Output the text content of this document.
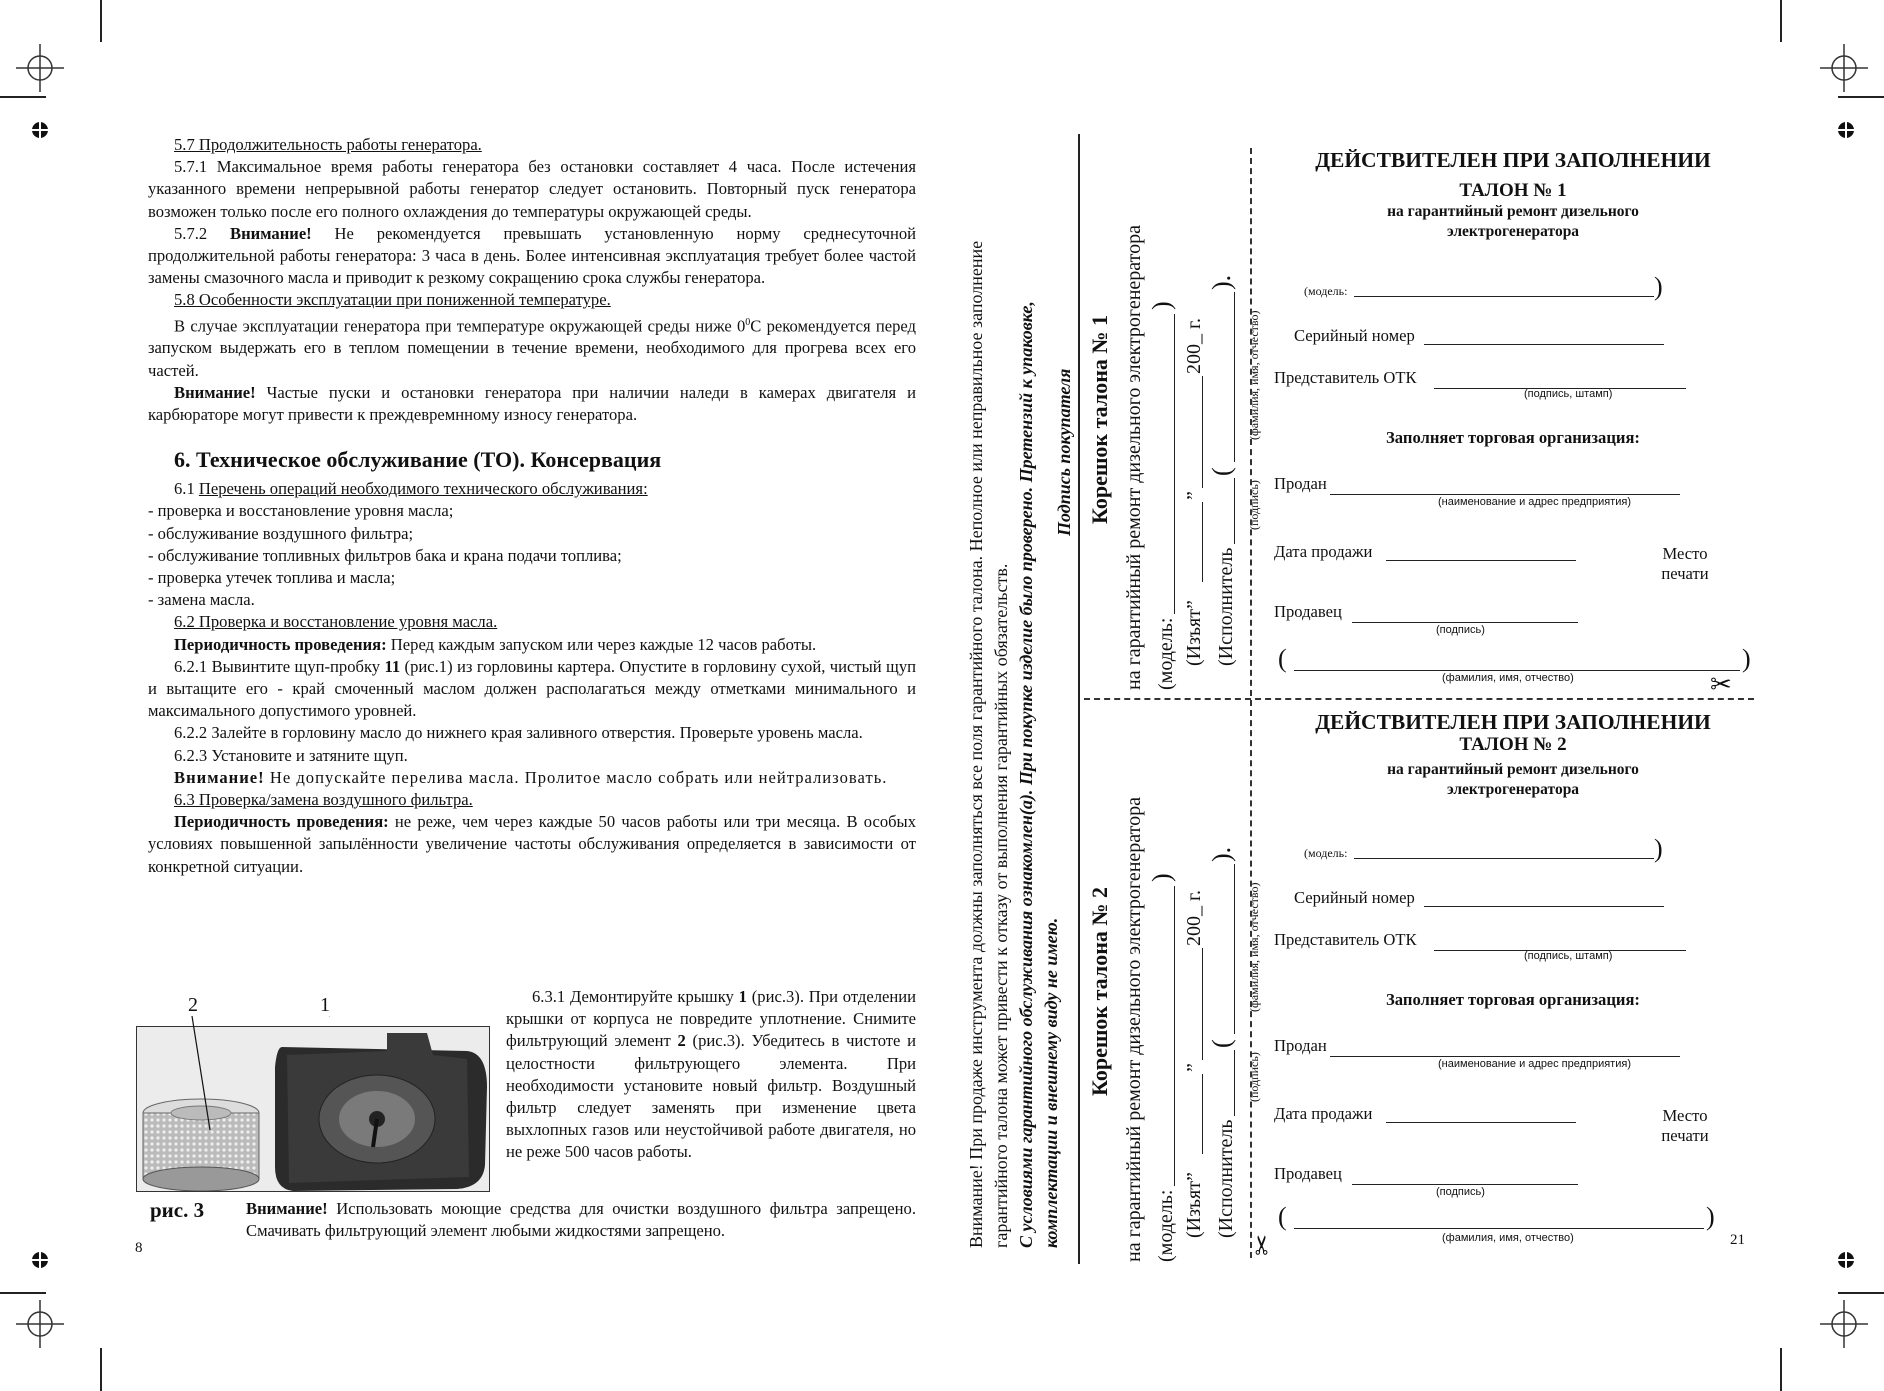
5.7 Продолжительность работы генератора.

5.7.1 Максимальное время работы генератора без остановки составляет 4 часа. После истечения указанного времени непрерывной работы генератор следует остановить. Повторный пуск генератора возможен только после его полного охлаждения до температуры окружающей среды.

5.7.2 Внимание! Не рекомендуется превышать установленную норму среднесуточной продолжительной работы генератора: 3 часа в день. Более интенсивная эксплуатация требует более частой замены смазочного масла и приводит к резкому сокращению срока службы генератора.

5.8 Особенности эксплуатации при пониженной температуре.

В случае эксплуатации генератора при температуре окружающей среды ниже $0^0С$ рекомендуется перед запуском выдержать его в теплом помещении в течение времени, необходимого для прогрева всех его частей.

Внимание! Частые пуски и остановки генератора при наличии наледи в камерах двигателя и карбюраторе могут привести к преждевремнному износу генератора.

6. Техническое обслуживание (ТО). Консервация

6.1 Перечень операций необходимого технического обслуживания:

- проверка и восстановление уровня масла;

- обслуживание воздушного фильтра;

- обслуживание топливных фильтров бака и крана подачи топлива;

- проверка утечек топлива и масла;

- замена масла.

6.2 Проверка и восстановление уровня масла.

Периодичность проведения: Перед каждым запуском или через каждые 12 часов работы.

6.2.1 Вывинтите щуп-пробку 11 (рис.1) из горловины картера. Опустите в горловину сухой, чистый щуп и вытащите его - край смоченный маслом должен располагаться между отметками минимального и максимального допустимого уровней.

6.2.2 Залейте в горловину масло до нижнего края заливного отверстия. Проверьте уровень масла.

6.2.3 Установите и затяните щуп.

Внимание! Не допускайте перелива масла. Пролитое масло собрать или нейтрализовать.

6.3 Проверка/замена воздушного фильтра.

Периодичность проведения: не реже, чем через каждые 50 часов работы или три месяца. В особых условиях повышенной запылённости увеличение частоты обслуживания определяется в зависимости от конкретной ситуации.

2	1
рис. 3

6.3.1 Демонтируйте крышку 1 (рис.3). При отделении крышки от корпуса не повредите уплотнение. Снимите фильтрующий элемент 2 (рис.3). Убедитесь в чистоте и целостности фильтрующего элемента. При необходимости установите новый фильтр. Воздушный фильтр следует заменять при изменение цвета выхлопных газов или неустойчивой работе двигателя, но не реже 500 часов работы.

Внимание! Использовать моющие средства для очистки воздушного фильтра запрещено. Смачивать фильтрующий элемент любыми жидкостями запрещено.
8	Внимание! При продаже инструмента должны заполняться все поля гарантийного талона. Неполное или неправильное заполнение гарантийного талона может привести к отказу от выполнения гарантийных обязательств. С условиями гарантийного обслуживания ознакомлен(а). При покупке изделие было проверено. Претензий к упаковке, комплектации и внешнему виду не имею.

Подпись покупателя Корешок талона № 1 на гарантийный ремонт дизельного электрогенератора (модель:
)
(Изъят”
”
200_ г.
(Исполнитель
(
).
(подпись)
(фамилия, имя, отчество)
Корешок талона № 2 на гарантийный ремонт дизельного электрогенератора (модель:
)
(Изъят”
”
200_ г.
(Исполнитель
(
).
(подпись)
(фамилия, имя, отчество)
✂
✂
ДЕЙСТВИТЕЛЕН ПРИ ЗАПОЛНЕНИИ
ТАЛОН № 1
на гарантийный ремонт дизельного
электрогенератора
(модель:	)
Серийный номер
Представитель ОТК
(подпись, штамп)
Заполняет торговая организация:
Продан
(наименование и адрес предприятия)
Дата продажи	Место
печати
Продавец
(подпись)
(	)
(фамилия, имя, отчество)
ДЕЙСТВИТЕЛЕН ПРИ ЗАПОЛНЕНИИ
ТАЛОН № 2
на гарантийный ремонт дизельного
электрогенератора
(модель:	)
Серийный номер
Представитель ОТК
(подпись, штамп)
Заполняет торговая организация:
Продан
(наименование и адрес предприятия)
Дата продажи	Место
печати
Продавец
(подпись)
(	)
(фамилия, имя, отчество)	21
